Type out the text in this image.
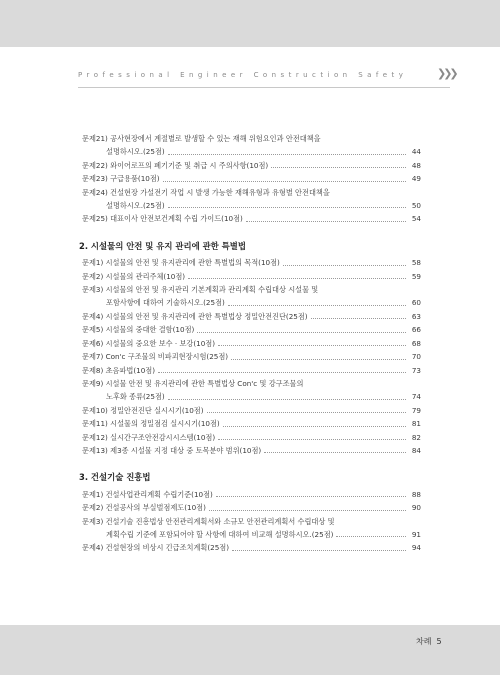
Professional Engineer Construction Safety	❯❯❯
문제21)
공사현장에서 계절별로 발생할 수 있는 재해 위험요인과 안전대책을
설명하시오.(25점)	44
문제22)
와이어로프의 폐기기준 및 취급 시 주의사항(10점)	48
문제23)
구급용품(10점)	49
문제24)
건설현장 가설전기 작업 시 발생 가능한 재해유형과 유형별 안전대책을
설명하시오.(25점)	50
문제25)
대표이사 안전보건계획 수립 가이드(10점)	54
2. 시설물의 안전 및 유지 관리에 관한 특별법
문제1)
시설물의 안전 및 유지관리에 관한 특별법의 목적(10점)	58
문제2)
시설물의 관리주체(10점)	59
문제3)
시설물의 안전 및 유지관리 기본계획과 관리계획 수립대상 시설물 및
포함사항에 대하여 기술하시오.(25점)	60
문제4)
시설물의 안전 및 유지관리에 관한 특별법상 정밀안전진단(25점)	63
문제5)
시설물의 중대한 결함(10점)	66
문제6)
시설물의 중요한 보수 · 보강(10점)	68
문제7)
Con'c 구조물의 비파괴현장시험(25점)	70
문제8)
초음파법(10점)	73
문제9)
시설물 안전 및 유지관리에 관한 특별법상 Con'c 및 강구조물의
노후화 종류(25점)	74
문제10)
정밀안전진단 실시시기(10점)	79
문제11)
시설물의 정밀점검 실시시기(10점)	81
문제12)
실시간구조안전감시시스템(10점)	82
문제13)
제3종 시설물 지정 대상 중 토목분야 범위(10점)	84
3. 건설기술 진흥법
문제1)
건설사업관리계획 수립기준(10점)	88
문제2)
건설공사의 부실벌점제도(10점)	90
문제3)
건설기술 진흥법상 안전관리계획서와 소규모 안전관리계획서 수립대상 및
계획수립 기준에 포함되어야 할 사항에 대하여 비교해 설명하시오.(25점)	91
문제4)
건설현장의 비상시 긴급조치계획(25점)	94
차례 5
